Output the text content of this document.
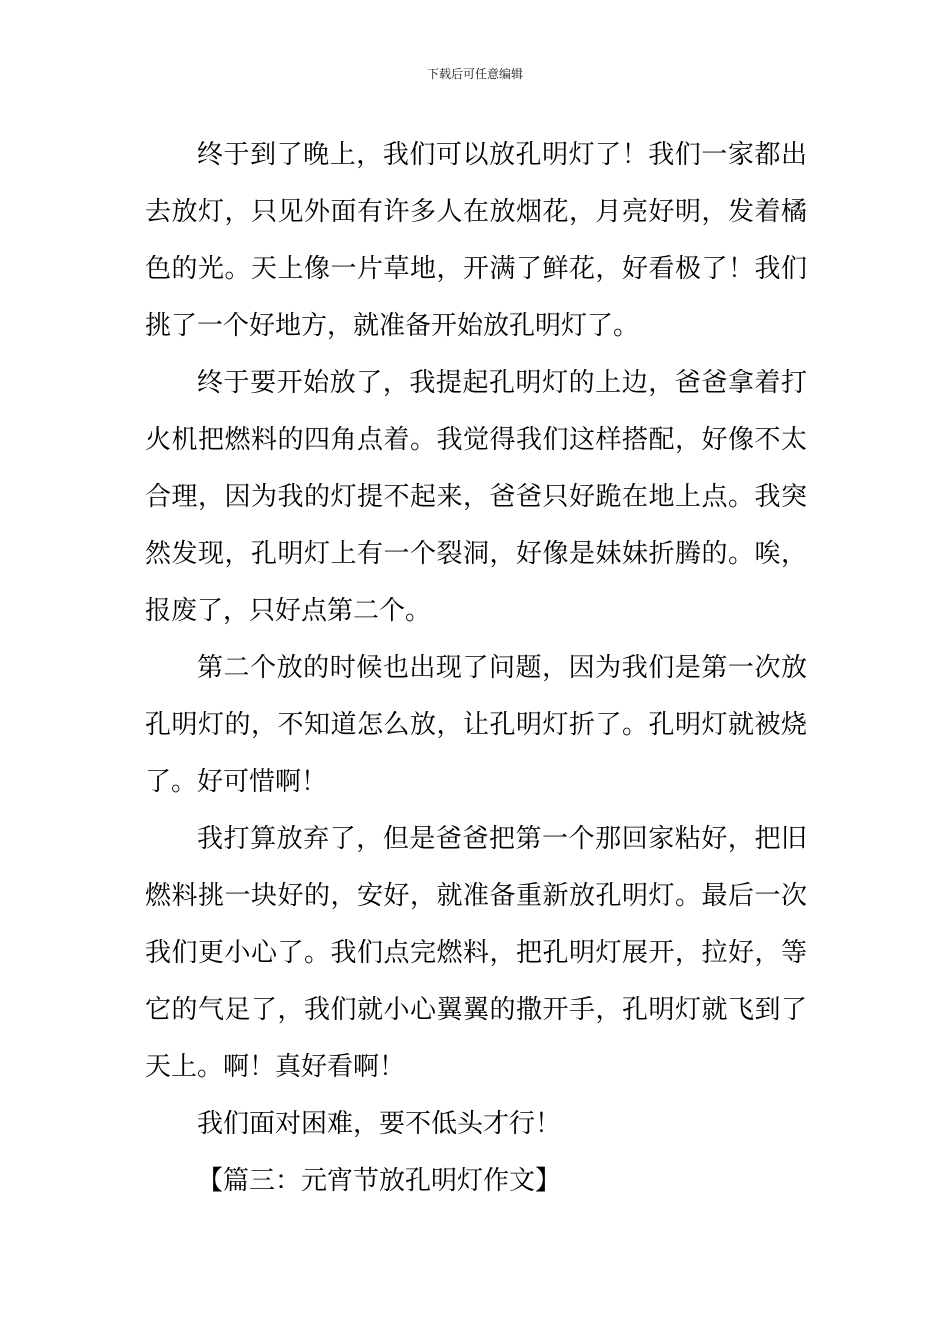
下载后可任意编辑
终于到了晚上，我们可以放孔明灯了！我们一家都出
去放灯，只见外面有许多人在放烟花，月亮好明，发着橘
色的光。天上像一片草地，开满了鲜花，好看极了！我们
挑了一个好地方，就准备开始放孔明灯了。
终于要开始放了，我提起孔明灯的上边，爸爸拿着打
火机把燃料的四角点着。我觉得我们这样搭配，好像不太
合理，因为我的灯提不起来，爸爸只好跪在地上点。我突
然发现，孔明灯上有一个裂洞，好像是妹妹折腾的。唉，
报废了，只好点第二个。
第二个放的时候也出现了问题，因为我们是第一次放
孔明灯的，不知道怎么放，让孔明灯折了。孔明灯就被烧
了。好可惜啊！
我打算放弃了，但是爸爸把第一个那回家粘好，把旧
燃料挑一块好的，安好，就准备重新放孔明灯。最后一次
我们更小心了。我们点完燃料，把孔明灯展开，拉好，等
它的气足了，我们就小心翼翼的撒开手，孔明灯就飞到了
天上。啊！真好看啊！
我们面对困难，要不低头才行！
【篇三：元宵节放孔明灯作文】
